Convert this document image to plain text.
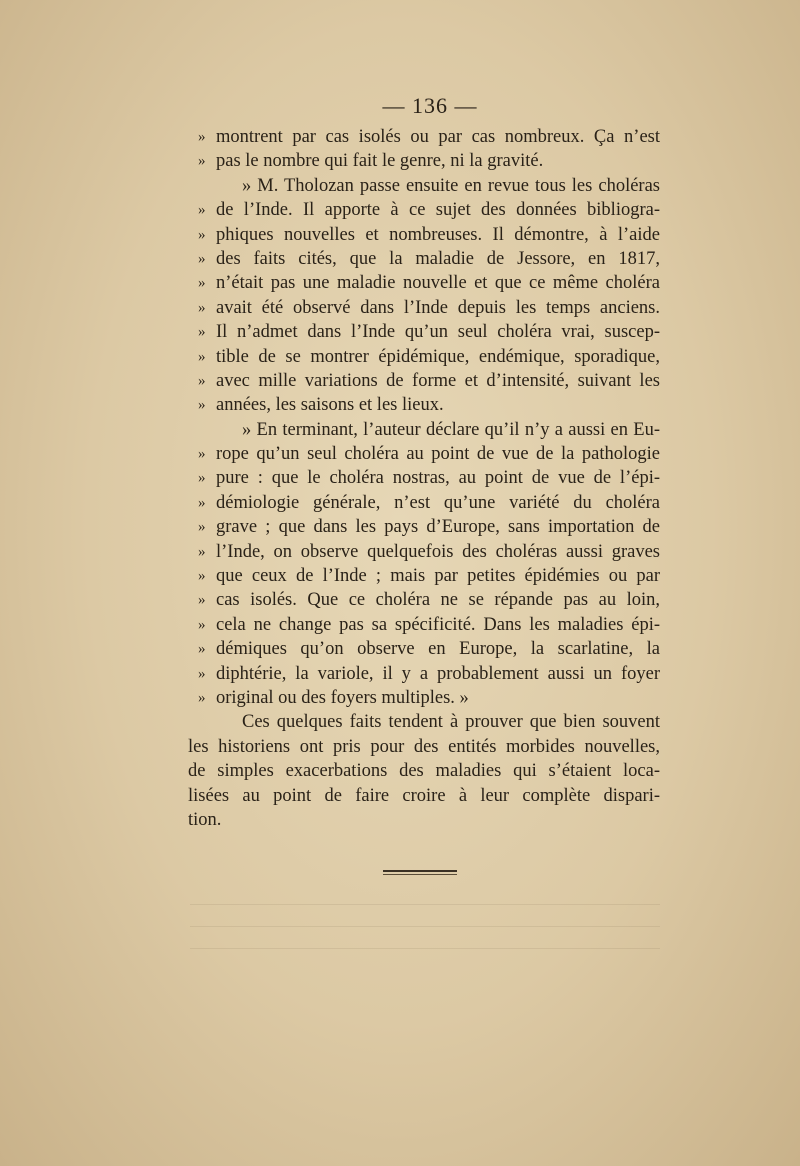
— 136 —
» montrent par cas isolés ou par cas nombreux. Ça n’est
» pas le nombre qui fait le genre, ni la gravité.
» M. Tholozan passe ensuite en revue tous les choléras
» de l’Inde. Il apporte à ce sujet des données bibliogra-
» phiques nouvelles et nombreuses. Il démontre, à l’aide
» des faits cités, que la maladie de Jessore, en 1817,
» n’était pas une maladie nouvelle et que ce même choléra
» avait été observé dans l’Inde depuis les temps anciens.
» Il n’admet dans l’Inde qu’un seul choléra vrai, suscep-
» tible de se montrer épidémique, endémique, sporadique,
» avec mille variations de forme et d’intensité, suivant les
» années, les saisons et les lieux.
» En terminant, l’auteur déclare qu’il n’y a aussi en Eu-
» rope qu’un seul choléra au point de vue de la pathologie
» pure : que le choléra nostras, au point de vue de l’épi-
» démiologie générale, n’est qu’une variété du choléra
» grave ; que dans les pays d’Europe, sans importation de
» l’Inde, on observe quelquefois des choléras aussi graves
» que ceux de l’Inde ; mais par petites épidémies ou par
» cas isolés. Que ce choléra ne se répande pas au loin,
» cela ne change pas sa spécificité. Dans les maladies épi-
» démiques qu’on observe en Europe, la scarlatine, la
» diphtérie, la variole, il y a probablement aussi un foyer
» original ou des foyers multiples. »
Ces quelques faits tendent à prouver que bien souvent
les historiens ont pris pour des entités morbides nouvelles,
de simples exacerbations des maladies qui s’étaient loca-
lisées au point de faire croire à leur complète dispari-
tion.
